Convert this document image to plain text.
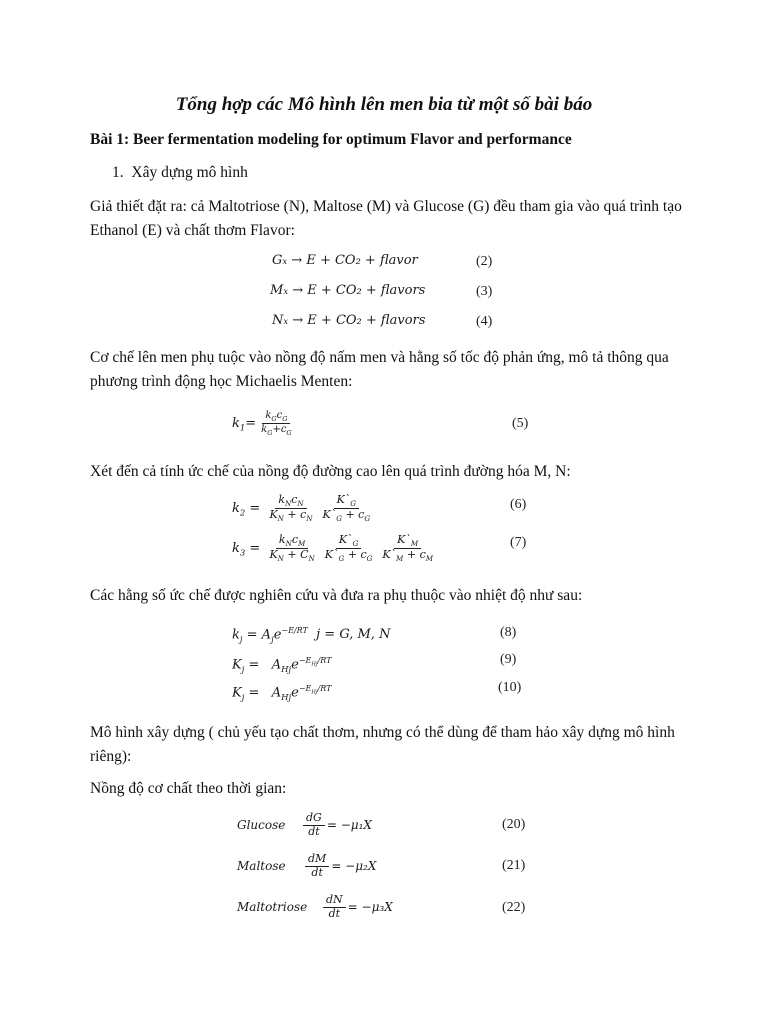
Tổng hợp các Mô hình lên men bia từ một số bài báo
Bài 1: Beer fermentation modeling for optimum Flavor and performance
1.  Xây dựng mô hình
Giả thiết đặt ra: cả Maltotriose (N), Maltose (M) và Glucose (G) đều tham gia vào quá trình tạo Ethanol (E) và chất thơm Flavor:
G x
→ E + CO₂ + flavor	(2)
M x
→ E + CO₂ + flavors	(3)
N x
→ E + CO₂ + flavors	(4)
Cơ chế lên men phụ tuộc vào nồng độ nấm men và hằng số tốc độ phản ứng, mô tả thông qua phương trình động học Michaelis Menten:
$k_1= \frac{k_Gc_G}{k_G+c_G}$	(5)
Xét đến cả tính ức chế của nồng độ đường cao lên quá trình đường hóa M, N:
$k_2 = \frac{k_Nc_N}{K_N + c_N} \frac{K`_G}{K`_G + c_G}$	(6)
$k_3 = \frac{k_Nc_M}{K_N + C_N} \frac{K`_G}{K`_G + c_G} \frac{K`_M}{K`_M + c_M}$	(7)
Các hằng số ức chế được nghiên cứu và đưa ra phụ thuộc vào nhiệt độ như sau:
$k_j = A_je^{-E/RT}$ j = G, M, N	(8)
$K_j = A_{Hj}e^{-E_{Hj}/RT}$	(9)
$K_j = A_{Hj}e^{-E_{Hj}/RT}$	(10)
Mô hình xây dựng ( chủ yếu tạo chất thơm, nhưng có thể dùng để tham hảo xây dựng mô hình riêng):
Nồng độ cơ chất theo thời gian:
Glucose	$\frac{dG}{dt} = -\mu_1X$	(20)
Maltose	$\frac{dM}{dt} = -\mu_2X$	(21)
Maltotriose	$\frac{dN}{dt} = -\mu_3X$	(22)
